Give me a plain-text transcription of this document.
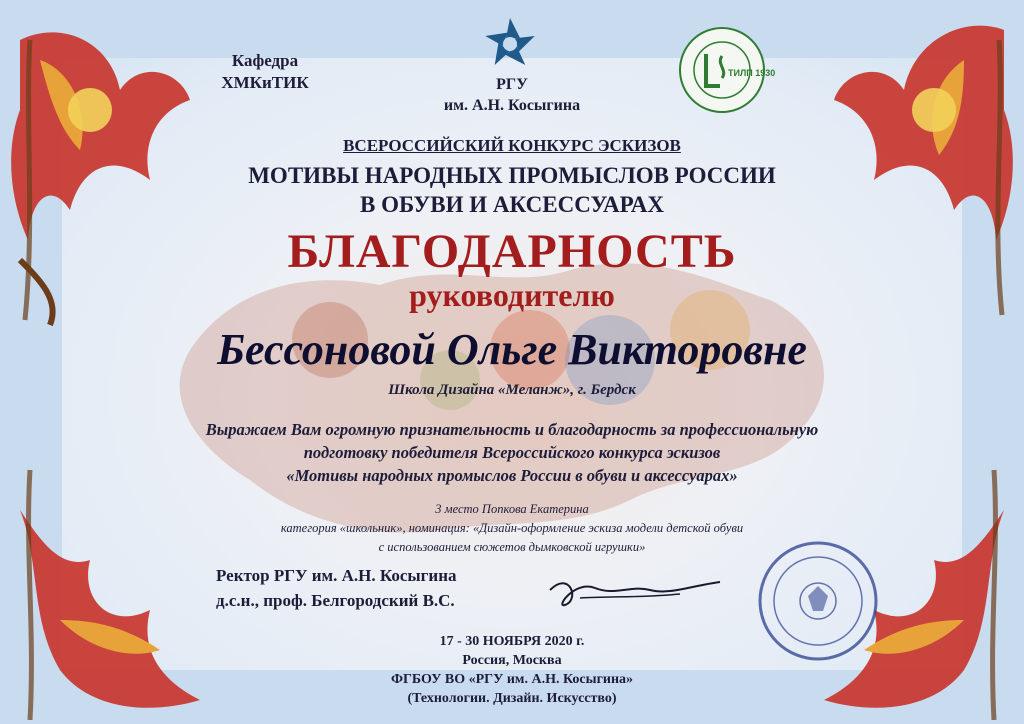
Кафедра
ХМКиТИК	РГУ
им. А.Н. Косыгина
ТИЛП 1930
ВСЕРОССИЙСКИЙ КОНКУРС ЭСКИЗОВ
МОТИВЫ НАРОДНЫХ ПРОМЫСЛОВ РОССИИ
В ОБУВИ И АКСЕССУАРАХ
БЛАГОДАРНОСТЬ
руководителю
Бессоновой Ольге Викторовне
Школа Дизайна «Меланж», г. Бердск
Выражаем Вам огромную признательность и благодарность за профессиональную
подготовку победителя Всероссийского конкурса эскизов
«Мотивы народных промыслов России в обуви и аксессуарах»
3 место Попкова Екатерина
категория «школьник», номинация: «Дизайн-оформление эскиза модели детской обуви
с использованием сюжетов дымковской игрушки»
Ректор РГУ им. А.Н. Косыгина
д.с.н., проф. Белгородский В.С.
17 - 30 НОЯБРЯ 2020 г.
Россия, Москва
ФГБОУ ВО «РГУ им. А.Н. Косыгина»
(Технологии. Дизайн. Искусство)
